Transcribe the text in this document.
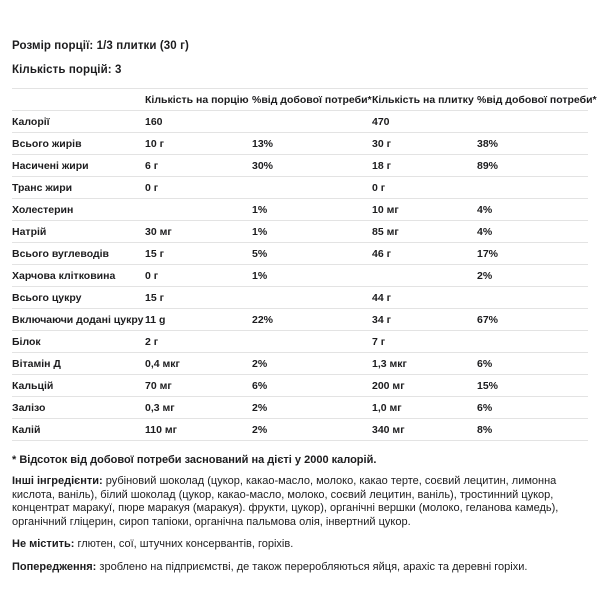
Розмір порції: 1/3 плитки (30 г)

Кількість порцій: 3

	Кількість на порцію	%від добової потреби*	Кількість на плитку	%від добової потреби*
Калорії	160		470	
Всього жирів	10 г	13%	30 г	38%
Насичені жири	6 г	30%	18 г	89%
Транс жири	0 г		0 г	
Холестерин		1%	10 мг	4%
Натрій	30 мг	1%	85 мг	4%
Всього вуглеводів	15 г	5%	46 г	17%
Харчова клітковина	0 г	1%		2%
Всього цукру	15 г		44 г	
Включаючи додані цукру	11 g	22%	34 г	67%
Білок	2 г		7 г	
Вітамін Д	0,4 мкг	2%	1,3 мкг	6%
Кальцій	70 мг	6%	200 мг	15%
Залізо	0,3 мг	2%	1,0 мг	6%
Калій	110 мг	2%	340 мг	8%

* Відсоток від добової потреби заснований на дієті у 2000 калорій.

Інші інгредієнти: рубіновий шоколад (цукор, какао-масло, молоко, какао терте, соєвий лецитин, лимонна кислота, ваніль), білий шоколад (цукор, какао-масло, молоко, соєвий лецитин, ваніль), тростинний цукор, концентрат маракуї, пюре маракуя (маракуя). фрукти, цукор), органічні вершки (молоко, геланова камедь), органічний гліцерин, сироп тапіоки, органічна пальмова олія, інвертний цукор.

Не містить: глютен, сої, штучних консервантів, горіхів.

Попередження: зроблено на підприємстві, де також переробляються яйця, арахіс та деревні горіхи.
